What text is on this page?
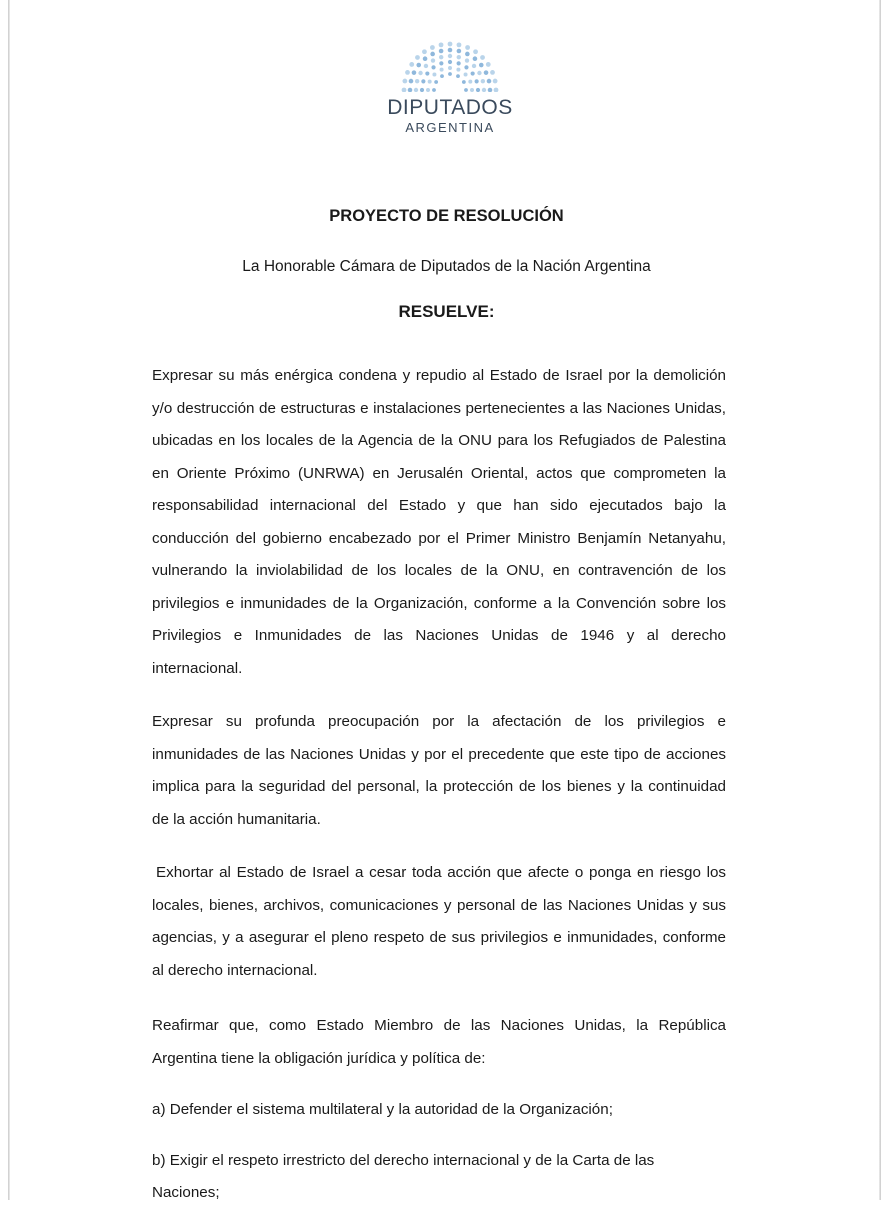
DIPUTADOS
ARGENTINA
PROYECTO DE RESOLUCIÓN

La Honorable Cámara de Diputados de la Nación Argentina

RESUELVE:

Expresar su más enérgica condena y repudio al Estado de Israel por la demolición y/o destrucción de estructuras e instalaciones pertenecientes a las Naciones Unidas, ubicadas en los locales de la Agencia de la ONU para los Refugiados de Palestina en Oriente Próximo (UNRWA) en Jerusalén Oriental, actos que comprometen la responsabilidad internacional del Estado y que han sido ejecutados bajo la conducción del gobierno encabezado por el Primer Ministro Benjamín Netanyahu, vulnerando la inviolabilidad de los locales de la ONU, en contravención de los privilegios e inmunidades de la Organización, conforme a la Convención sobre los Privilegios e Inmunidades de las Naciones Unidas de 1946 y al derecho internacional.

Expresar su profunda preocupación por la afectación de los privilegios e inmunidades de las Naciones Unidas y por el precedente que este tipo de acciones implica para la seguridad del personal, la protección de los bienes y la continuidad de la acción humanitaria.

Exhortar al Estado de Israel a cesar toda acción que afecte o ponga en riesgo los locales, bienes, archivos, comunicaciones y personal de las Naciones Unidas y sus agencias, y a asegurar el pleno respeto de sus privilegios e inmunidades, conforme al derecho internacional.

Reafirmar que, como Estado Miembro de las Naciones Unidas, la República Argentina tiene la obligación jurídica y política de:

a) Defender el sistema multilateral y la autoridad de la Organización;

b) Exigir el respeto irrestricto del derecho internacional y de la Carta de las Naciones;
